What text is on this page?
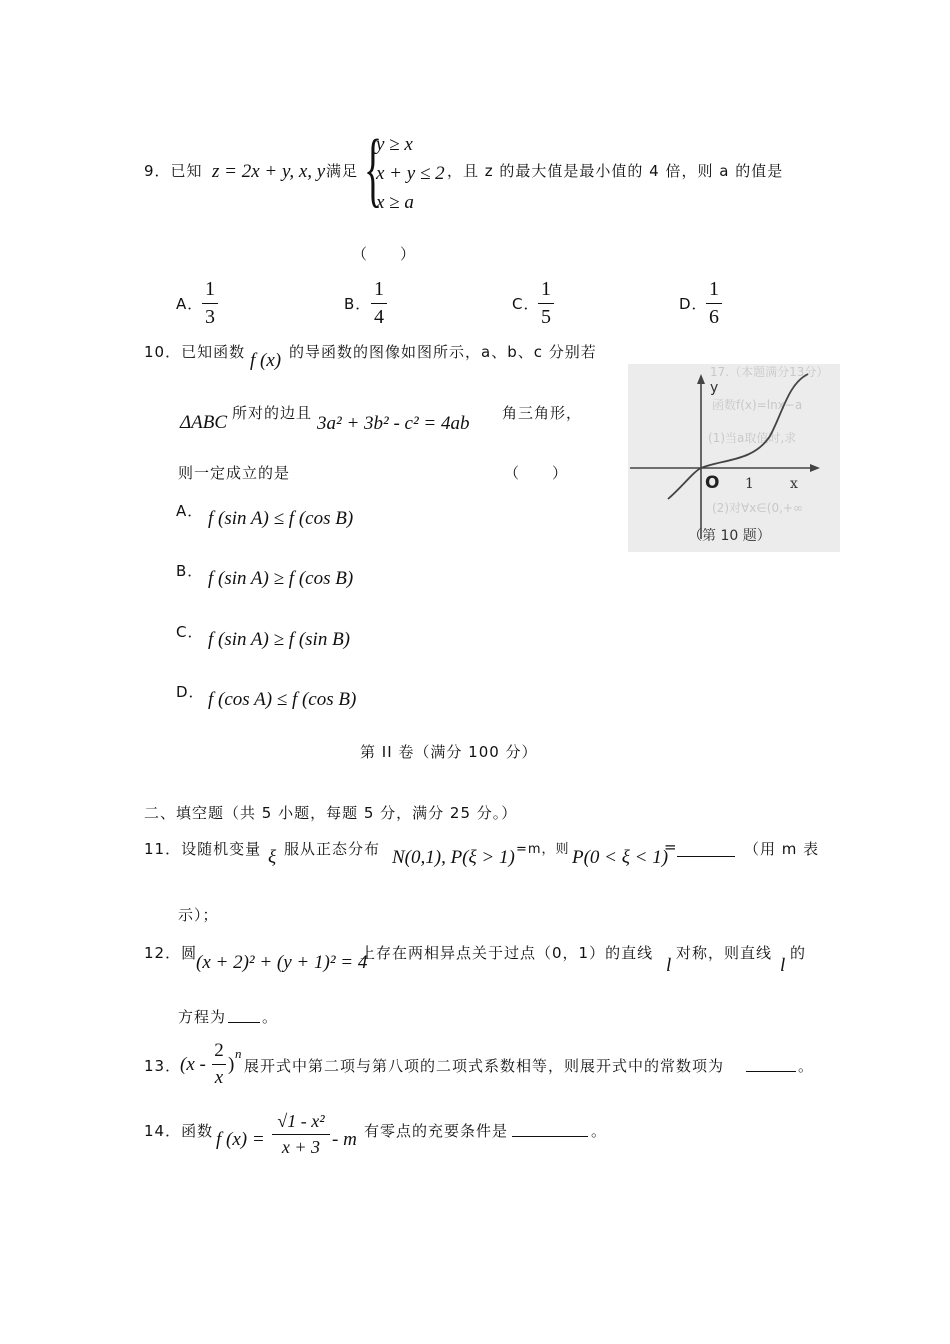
9．已知 z = 2x + y, x, y 满足 {
y ≥ x
x + y ≤ 2
x ≥ a
，且 z 的最大值是最小值的 4 倍，则 a 的值是
（　　）
A．
1
3
B．
1
4
C．
1
5
D．
1
6
10．已知函数 f (x) 的导函数的图像如图所示，a、b、c 分别若
ΔABC 所对的边且 3a² + 3b² - c² = 4ab 角三角形，
则一定成立的是	（　　）
A． f (sin A) ≤ f (cos B)
B． f (sin A) ≥ f (cos B)
C． f (sin A) ≥ f (sin B)
D． f (cos A) ≤ f (cos B)
17.（本题满分13分）
函数f(x)=lnx−a
(1)当a取值时,求
(2)对∀x∈(0,+∞
y
x
O 1
（第 10 题）
第 II 卷（满分 100 分）
二、填空题（共 5 小题，每题 5 分，满分 25 分。）
11．设随机变量 ξ 服从正态分布 N(0,1), P(ξ > 1) =m，则 P(0 < ξ < 1)
=	（用 m 表
示）；
12．圆
(x + 2)² + (y + 1)² = 4
上存在两相异点关于过点（0，1）的直线
l
对称，则直线
l
的
方程为 。
13．
(x -
2
x
)
n
展开式中第二项与第八项的二项式系数相等，则展开式中的常数项为	。
14．函数 f (x) =
√1 - x²
x + 3 - m 有零点的充要条件是	。
